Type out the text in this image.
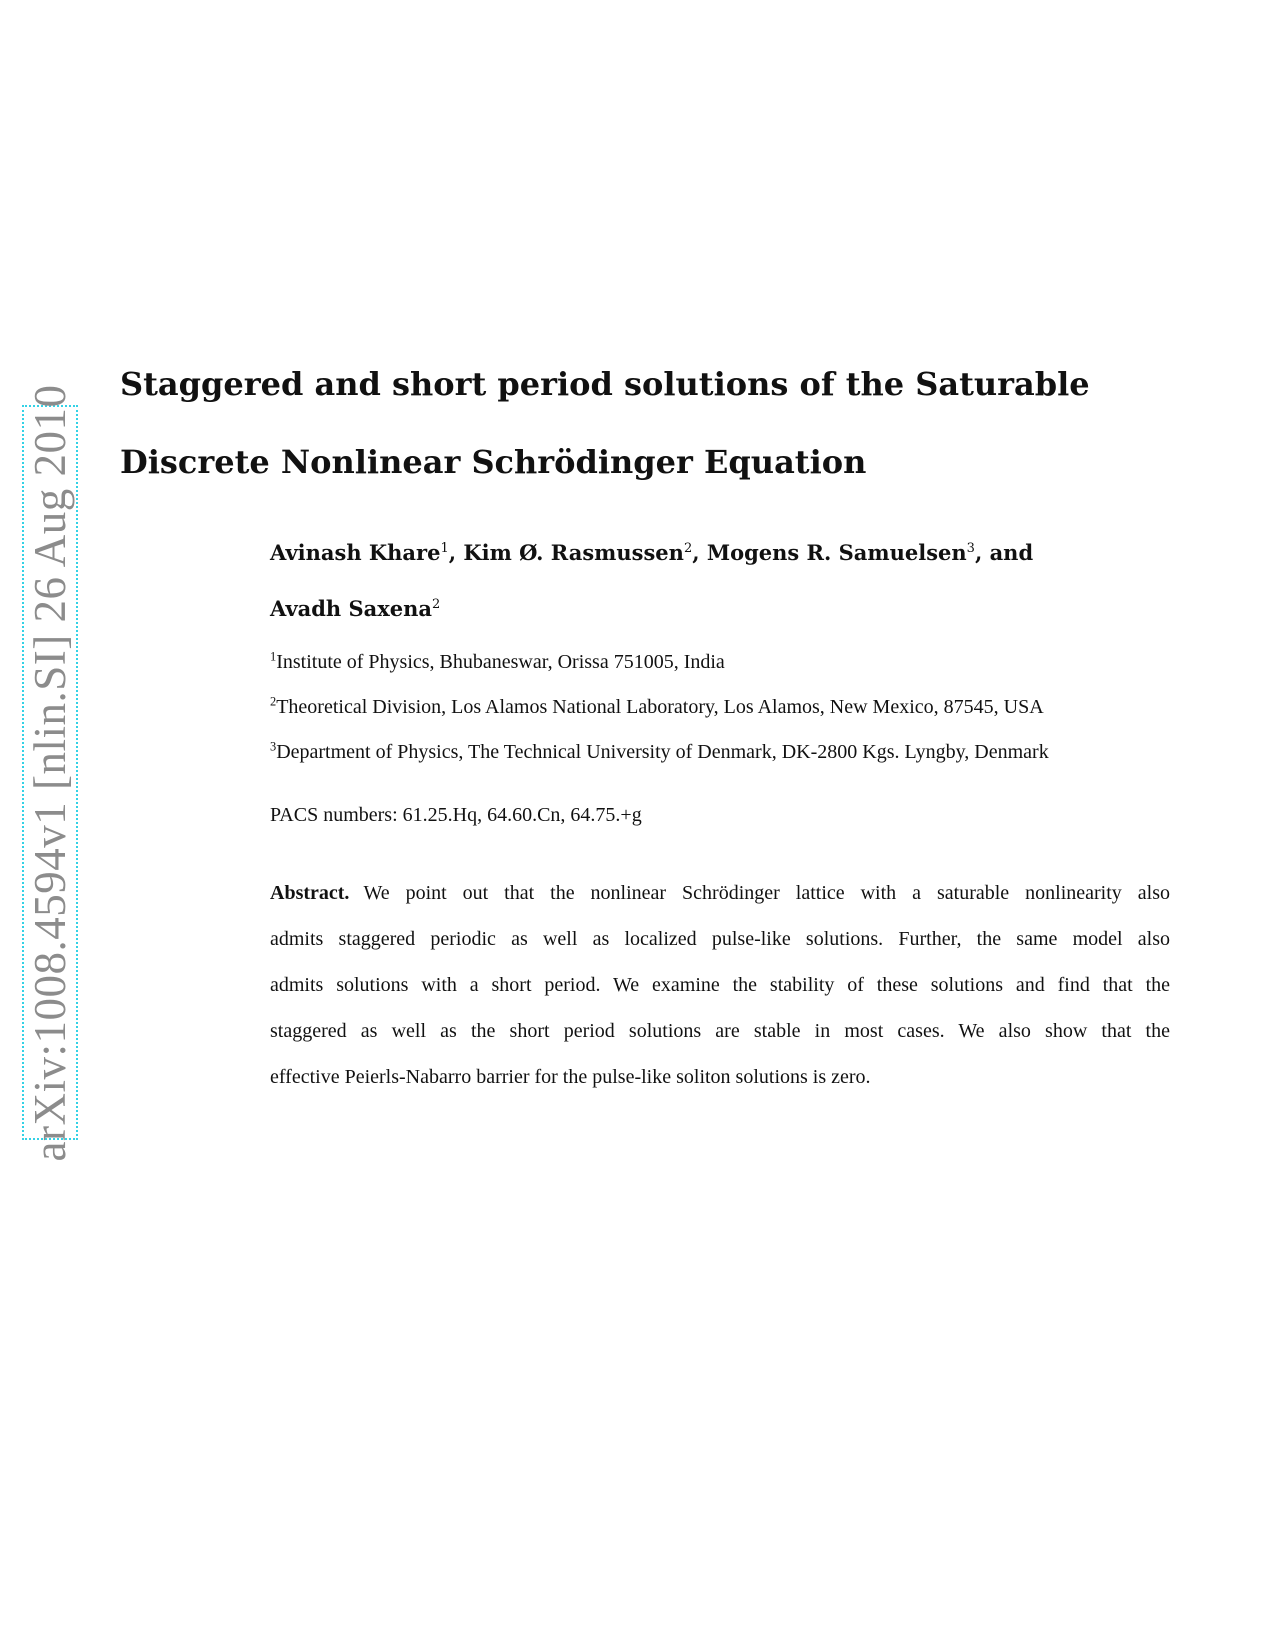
arXiv:1008.4594v1 [nlin.SI] 26 Aug 2010
Staggered and short period solutions of the Saturable
Discrete Nonlinear Schrödinger Equation
Avinash Khare$^1$, Kim Ø. Rasmussen$^2$, Mogens R. Samuelsen$^3$, and
Avadh Saxena$^2$
$^1$Institute of Physics, Bhubaneswar, Orissa 751005, India
$^2$Theoretical Division, Los Alamos National Laboratory, Los Alamos, New Mexico, 87545, USA
$^3$Department of Physics, The Technical University of Denmark, DK-2800 Kgs. Lyngby, Denmark
PACS numbers: 61.25.Hq, 64.60.Cn, 64.75.+g
Abstract. We point out that the nonlinear Schrödinger lattice with a saturable nonlinearity also
admits staggered periodic as well as localized pulse-like solutions. Further, the same model also
admits solutions with a short period. We examine the stability of these solutions and find that the
staggered as well as the short period solutions are stable in most cases. We also show that the
effective Peierls-Nabarro barrier for the pulse-like soliton solutions is zero.
